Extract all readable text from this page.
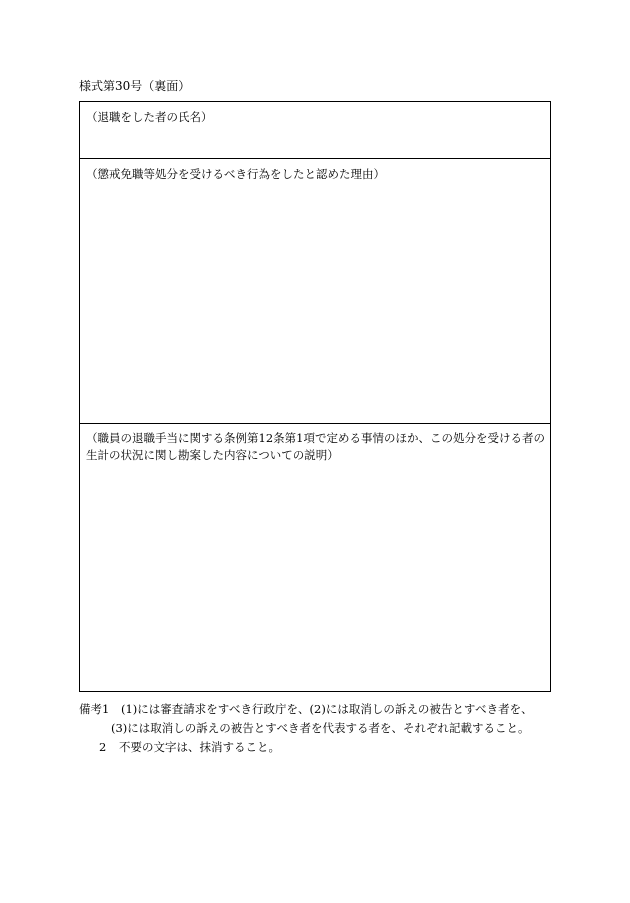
様式第30号（裏面）
（退職をした者の氏名）
（懲戒免職等処分を受けるべき行為をしたと認めた理由）
（職員の退職手当に関する条例第12条第1項で定める事情のほか、この処分を受ける者の
生計の状況に関し勘案した内容についての説明）
備考1 (1)には審査請求をすべき行政庁を、(2)には取消しの訴えの被告とすべき者を、
(3)には取消しの訴えの被告とすべき者を代表する者を、それぞれ記載すること。
2 不要の文字は、抹消すること。
